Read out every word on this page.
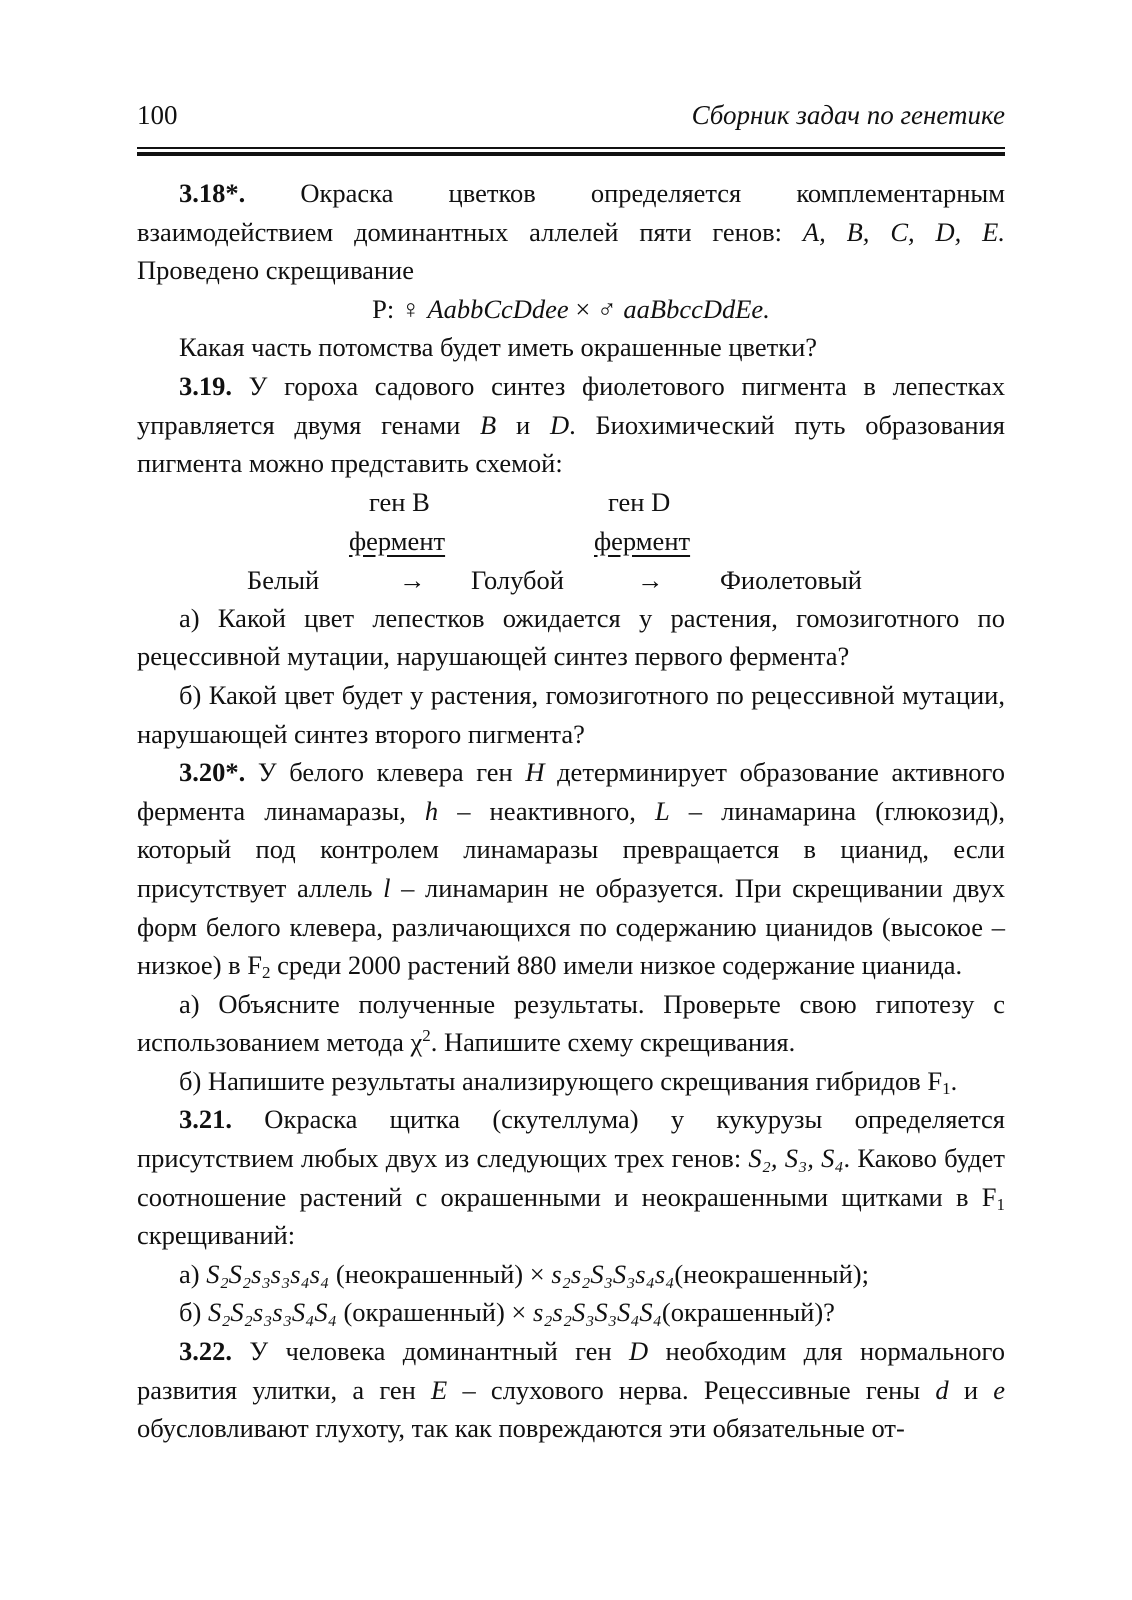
100	Сборник задач по генетике

3.18*. Окраска цветков определяется комплементарным взаимодействием доминантных аллелей пяти генов: A, B, C, D, E. Проведено скрещивание

P: ♀ AabbCcDdee × ♂ aaBbccDdEe.

Какая часть потомства будет иметь окрашенные цветки?

3.19. У гороха садового синтез фиолетового пигмента в лепестках управляется двумя генами B и D. Биохимический путь образования пигмента можно представить схемой:

ген B	ген D
фермент	фермент
Белый	→ Голубой	→ Фиолетовый

а) Какой цвет лепестков ожидается у растения, гомозиготного по рецессивной мутации, нарушающей синтез первого фермента?

б) Какой цвет будет у растения, гомозиготного по рецессивной мутации, нарушающей синтез второго пигмента?

3.20*. У белого клевера ген H детерминирует образование активного фермента линамаразы, h – неактивного, L – линамарина (глюкозид), который под контролем линамаразы превращается в цианид, если присутствует аллель l – линамарин не образуется. При скрещивании двух форм белого клевера, различающихся по содержанию цианидов (высокое – низкое) в $F_2$ среди 2000 растений 880 имели низкое содержание цианида.

а) Объясните полученные результаты. Проверьте свою гипотезу с использованием метода $\chi^2$. Напишите схему скрещивания.

б) Напишите результаты анализирующего скрещивания гибридов $F_1$.

3.21. Окраска щитка (скутеллума) у кукурузы определяется присутствием любых двух из следующих трех генов: S₂, S₃, S₄. Каково будет соотношение растений с окрашенными и неокрашенными щитками в $F_1$ скрещиваний:

а) S₂S₂s₃s₃s₄s₄ (неокрашенный) × s₂s₂S₃S₃s₄s₄(неокрашенный);

б) S₂S₂s₃s₃S₄S₄ (окрашенный) × s₂s₂S₃S₃S₄S₄(окрашенный)?

3.22. У человека доминантный ген D необходим для нормального развития улитки, а ген E – слухового нерва. Рецессивные гены d и e обусловливают глухоту, так как повреждаются эти обязательные от-
